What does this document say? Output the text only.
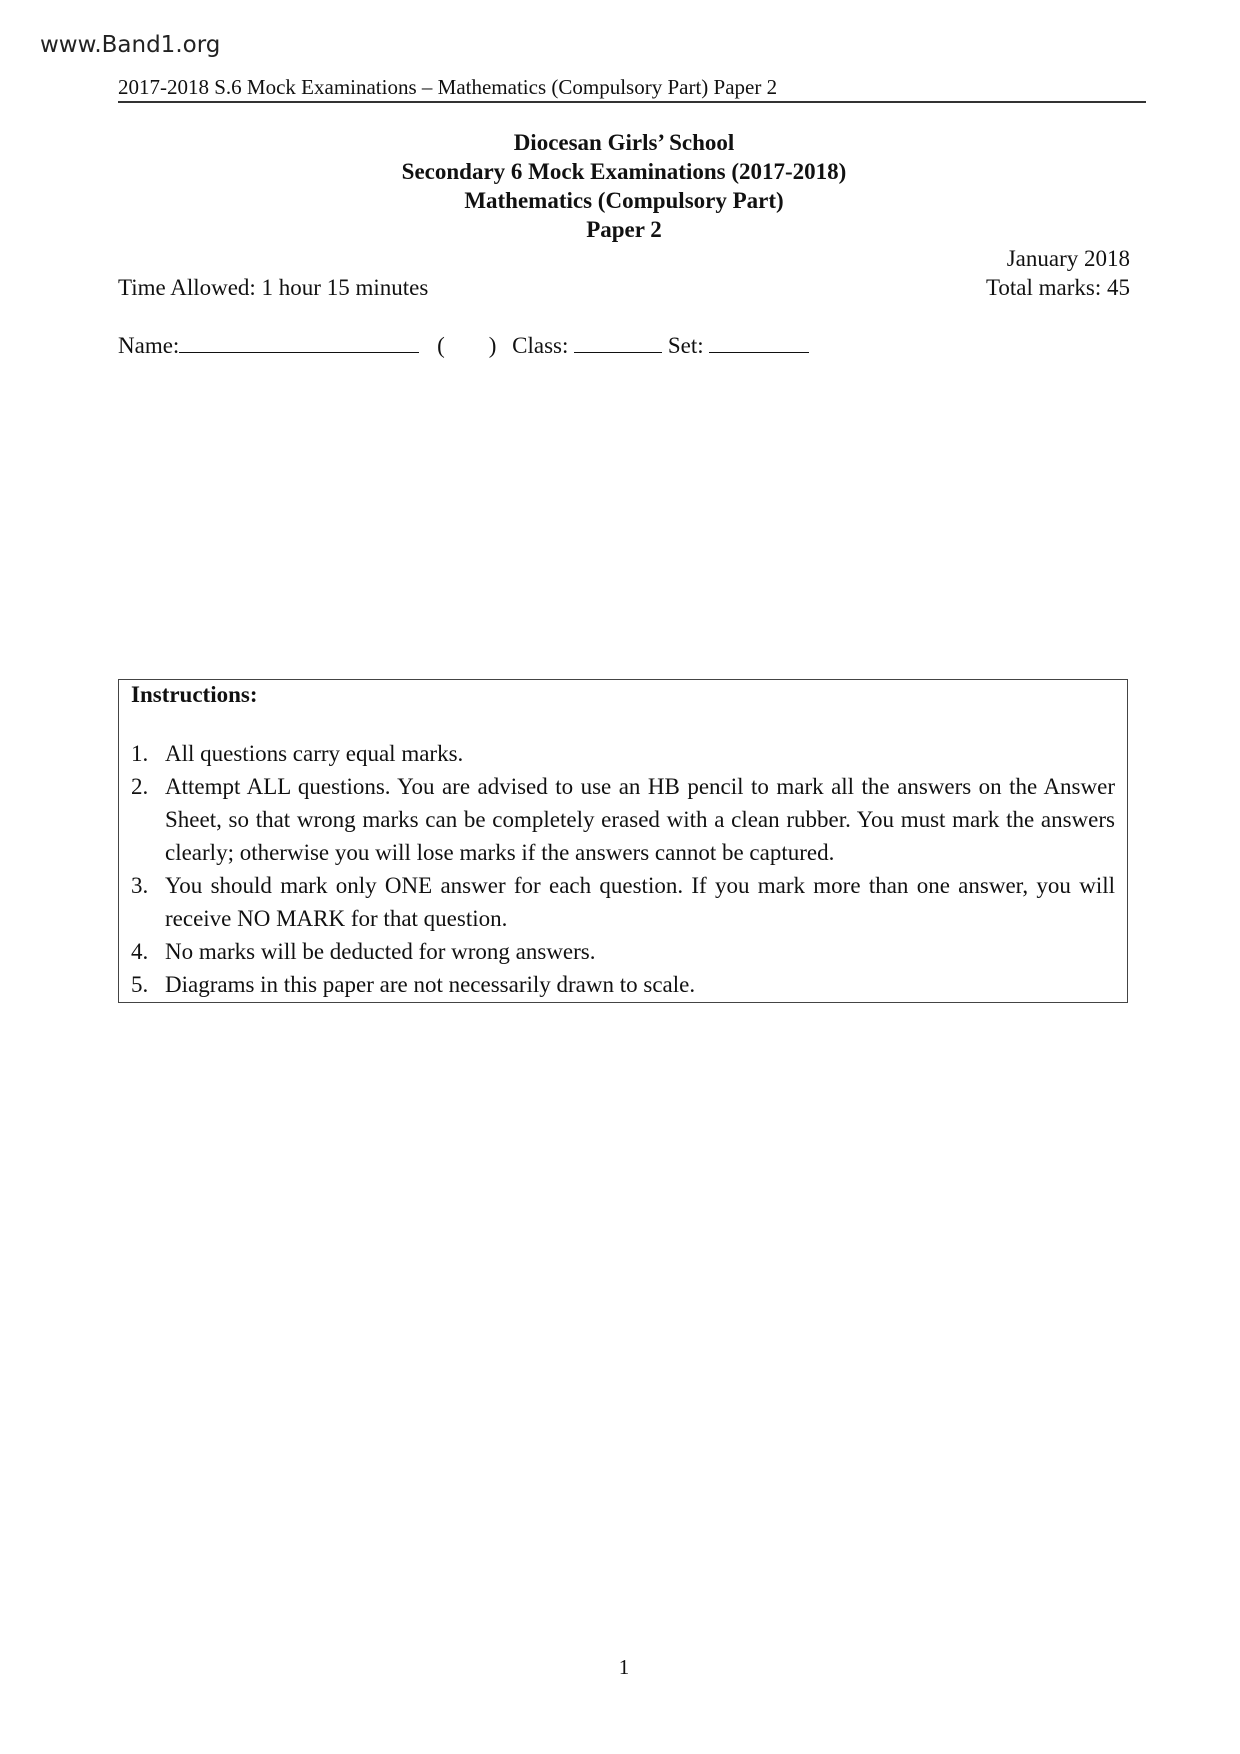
www.Band1.org
2017-2018 S.6 Mock Examinations – Mathematics (Compulsory Part) Paper 2
Diocesan Girls’ School
Secondary 6 Mock Examinations (2017-2018)
Mathematics (Compulsory Part)
Paper 2
January 2018
Total marks: 45
Time Allowed: 1 hour 15 minutes
Name:	( ) Class:	Set:
Instructions:
1. All questions carry equal marks.
2. Attempt ALL questions. You are advised to use an HB pencil to mark all the answers on the Answer Sheet, so that wrong marks can be completely erased with a clean rubber. You must mark the answers clearly; otherwise you will lose marks if the answers cannot be captured.
3. You should mark only ONE answer for each question. If you mark more than one answer, you will receive NO MARK for that question.
4. No marks will be deducted for wrong answers.
5. Diagrams in this paper are not necessarily drawn to scale.
1
